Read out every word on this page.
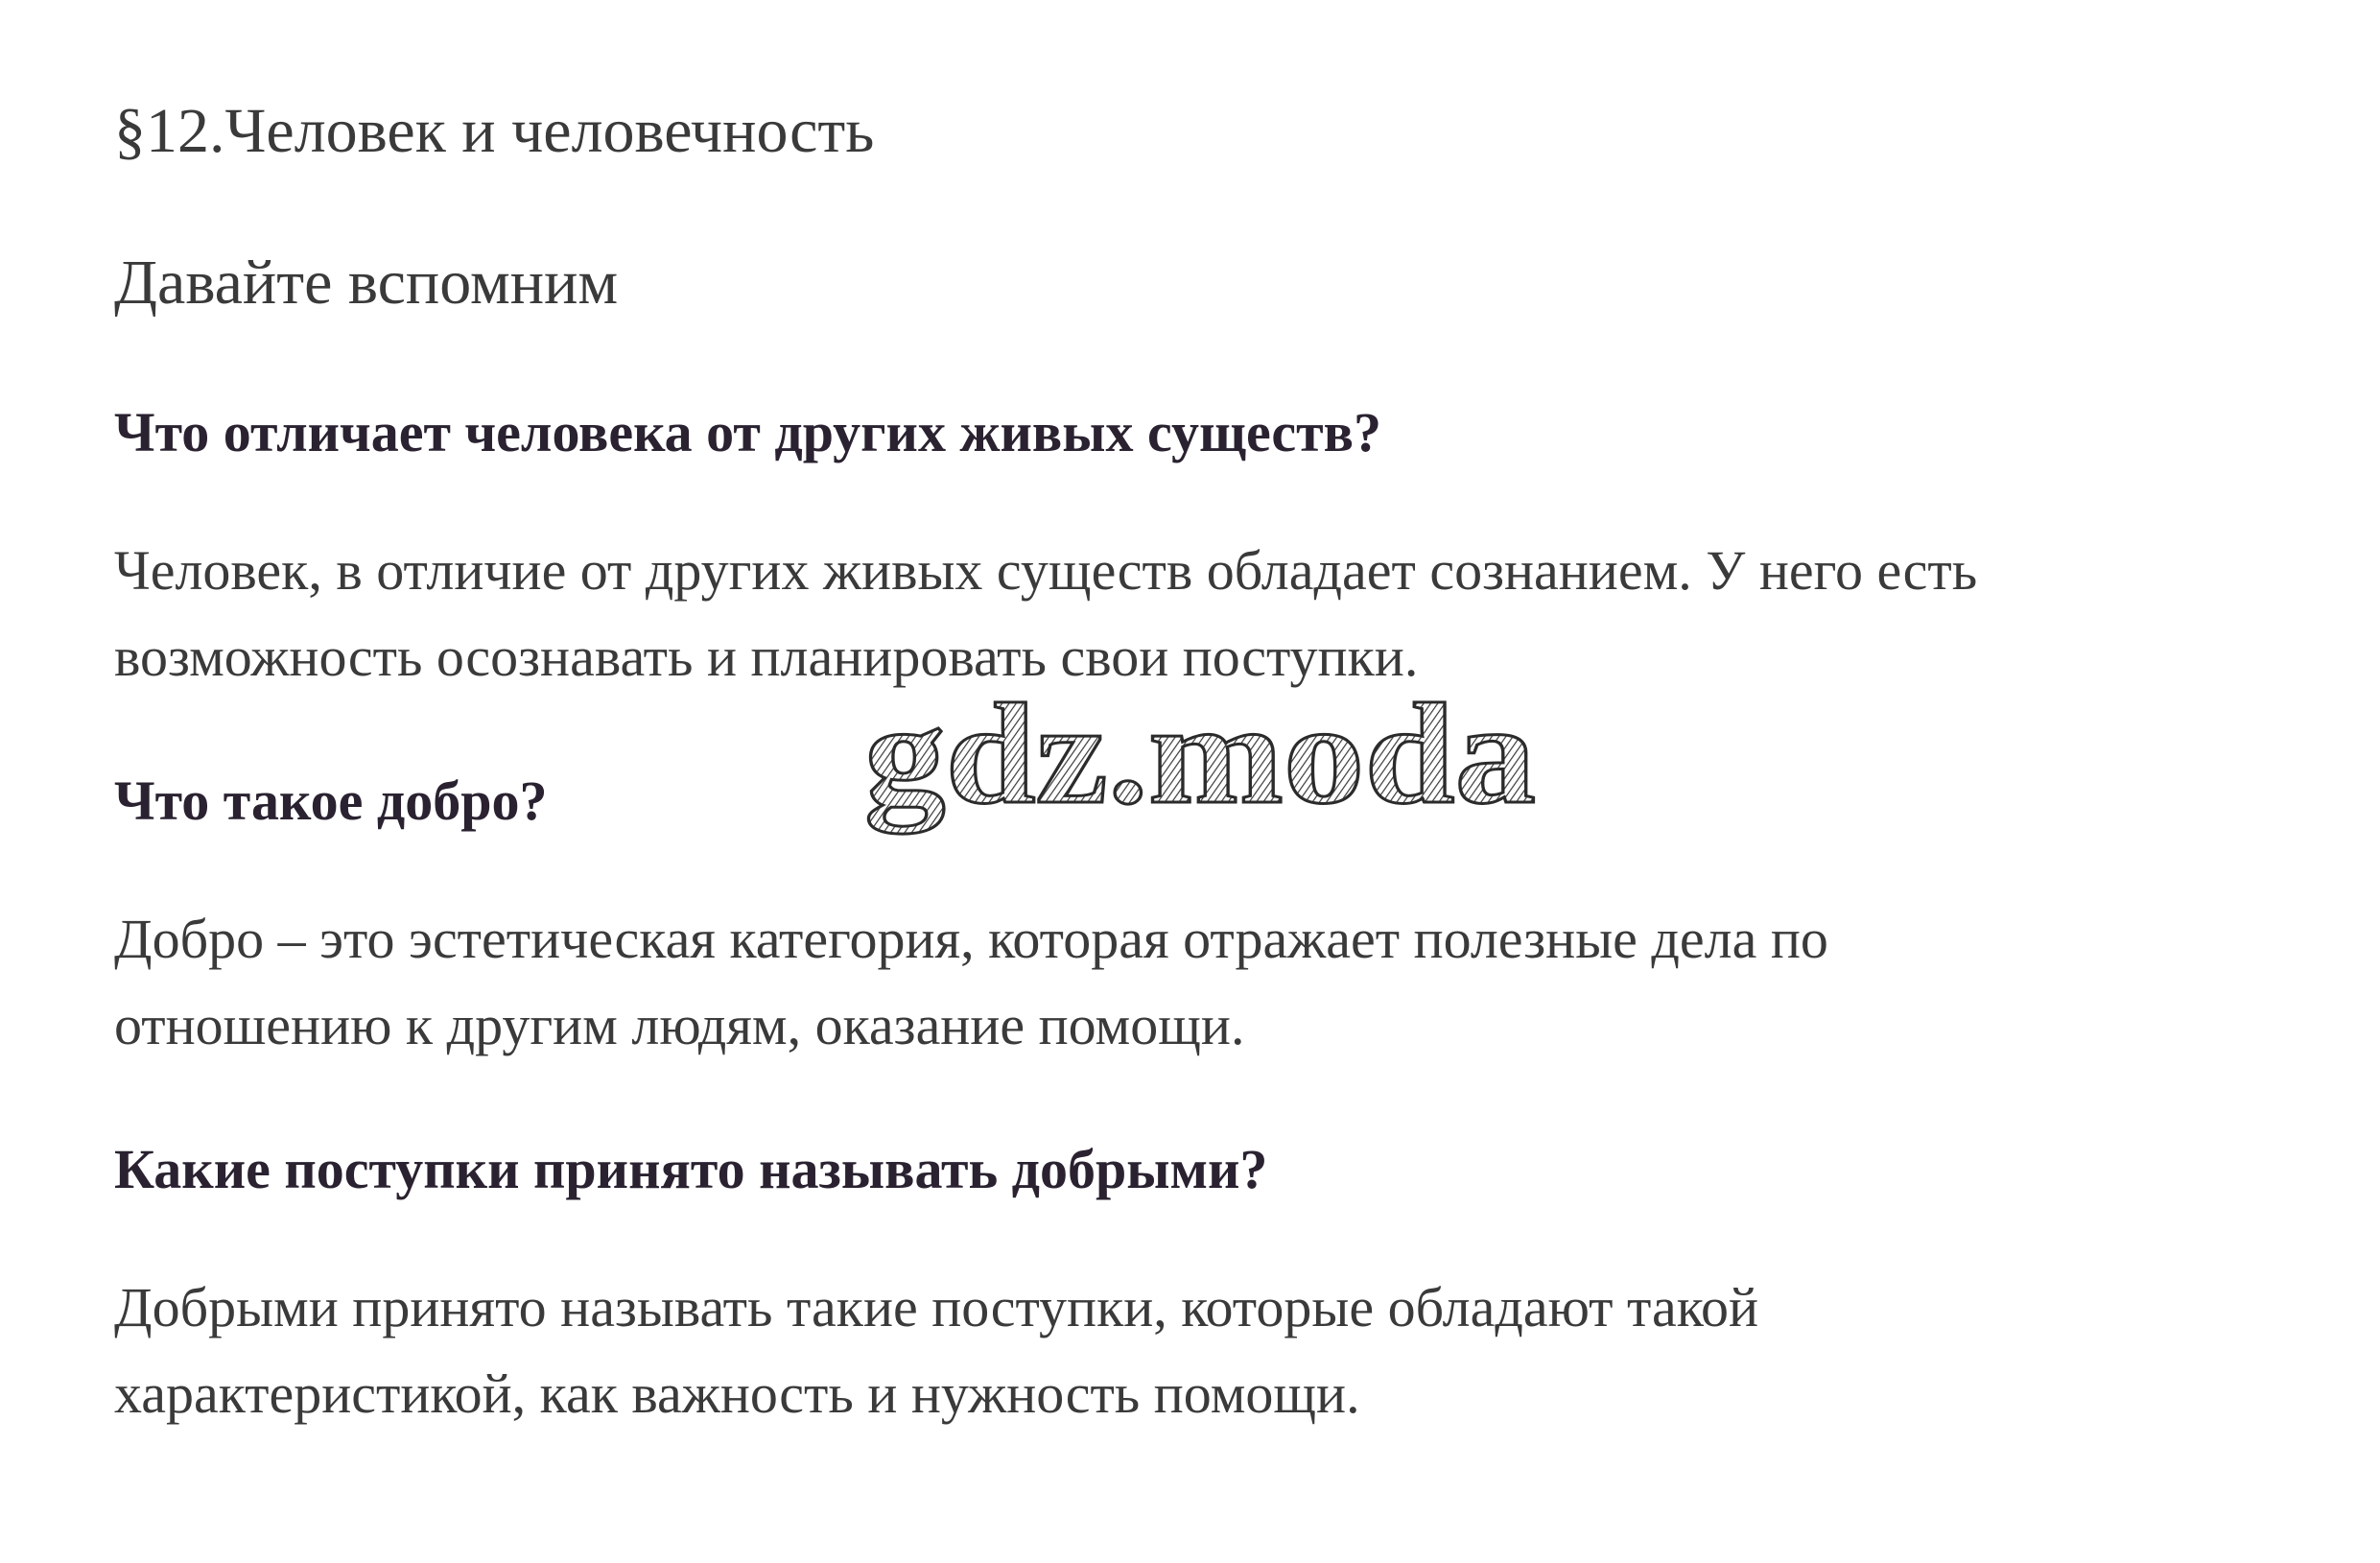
§12.Человек и человечность
Давайте вспомним

Что отличает человека от других живых существ?

Человек, в отличие от других живых существ обладает сознанием. У него есть

возможность осознавать и планировать свои поступки.

Что такое добро?

Добро – это эстетическая категория, которая отражает полезные дела по

отношению к другим людям, оказание помощи.

Какие поступки принято называть добрыми?

Добрыми принято называть такие поступки, которые обладают такой

характеристикой, как важность и нужность помощи.

gdz.moda
